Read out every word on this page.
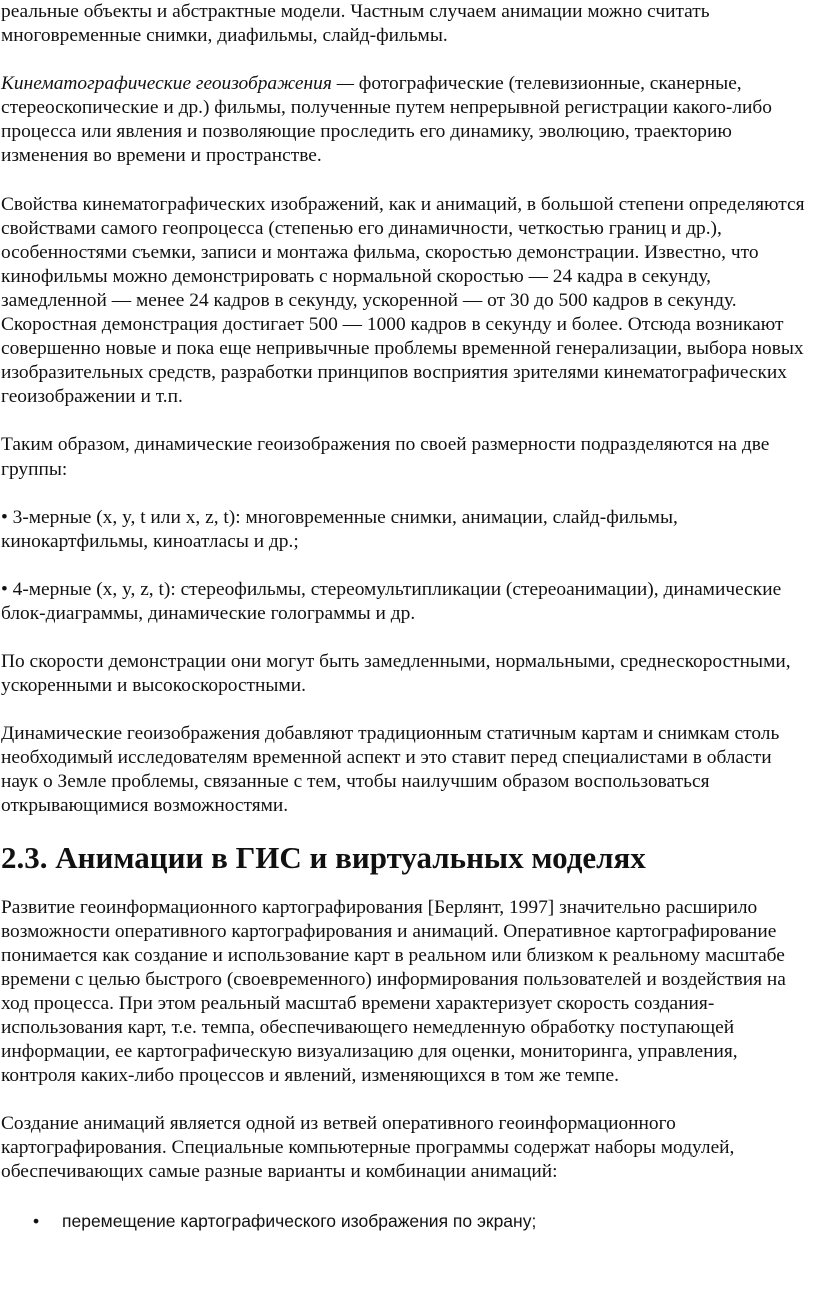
реальные объекты и абстрактные модели. Частным случаем анимации можно считать многовременные снимки, диафильмы, слайд-фильмы.

Кинематографические геоизображения — фотографические (телевизионные, сканерные, стереоскопические и др.) фильмы, полученные путем непрерывной регистрации какого-либо процесса или явления и позволяющие проследить его динамику, эволюцию, траекторию изменения во времени и пространстве.

Свойства кинематографических изображений, как и анимаций, в большой степени определяются свойствами самого геопроцесса (степенью его динамичности, четкостью границ и др.), особенностями съемки, записи и монтажа фильма, скоростью демонстрации. Известно, что кинофильмы можно демонстрировать с нормальной скоростью — 24 кадра в секунду, замедленной — менее 24 кадров в секунду, ускоренной — от 30 до 500 кадров в секунду. Скоростная демонстрация достигает 500 — 1000 кадров в секунду и более. Отсюда возникают совершенно новые и пока еще непривычные проблемы временной генерализации, выбора новых изобразительных средств, разработки принципов восприятия зрителями кинематографических геоизображении и т.п.

Таким образом, динамические геоизображения по своей размерности подразделяются на две группы:

• 3-мерные (x, y, t или x, z, t): многовременные снимки, анимации, слайд-фильмы, кинокартфильмы, киноатласы и др.;

• 4-мерные (x, y, z, t): стереофильмы, стереомультипликации (стереоанимации), динамические блок-диаграммы, динамические голограммы и др.

По скорости демонстрации они могут быть замедленными, нормальными, среднескоростными, ускоренными и высокоскоростными.

Динамические геоизображения добавляют традиционным статичным картам и снимкам столь необходимый исследователям временной аспект и это ставит перед специалистами в области наук о Земле проблемы, связанные с тем, чтобы наилучшим образом воспользоваться открывающимися возможностями.

2.3. Анимации в ГИС и виртуальных моделях

Развитие геоинформационного картографирования [Берлянт, 1997] значительно расширило возможности оперативного картографирования и анимаций. Оперативное картографирование понимается как создание и использование карт в реальном или близком к реальному масштабе времени с целью быстрого (своевременного) информирования пользователей и воздействия на ход процесса. При этом реальный масштаб времени характеризует скорость создания-использования карт, т.е. темпа, обеспечивающего немедленную обработку поступающей информации, ее картографическую визуализацию для оценки, мониторинга, управления, контроля каких-либо процессов и явлений, изменяющихся в том же темпе.

Создание анимаций является одной из ветвей оперативного геоинформационного картографирования. Специальные компьютерные программы содержат наборы модулей, обеспечивающих самые разные варианты и комбинации анимаций:

• перемещение картографического изображения по экрану;
